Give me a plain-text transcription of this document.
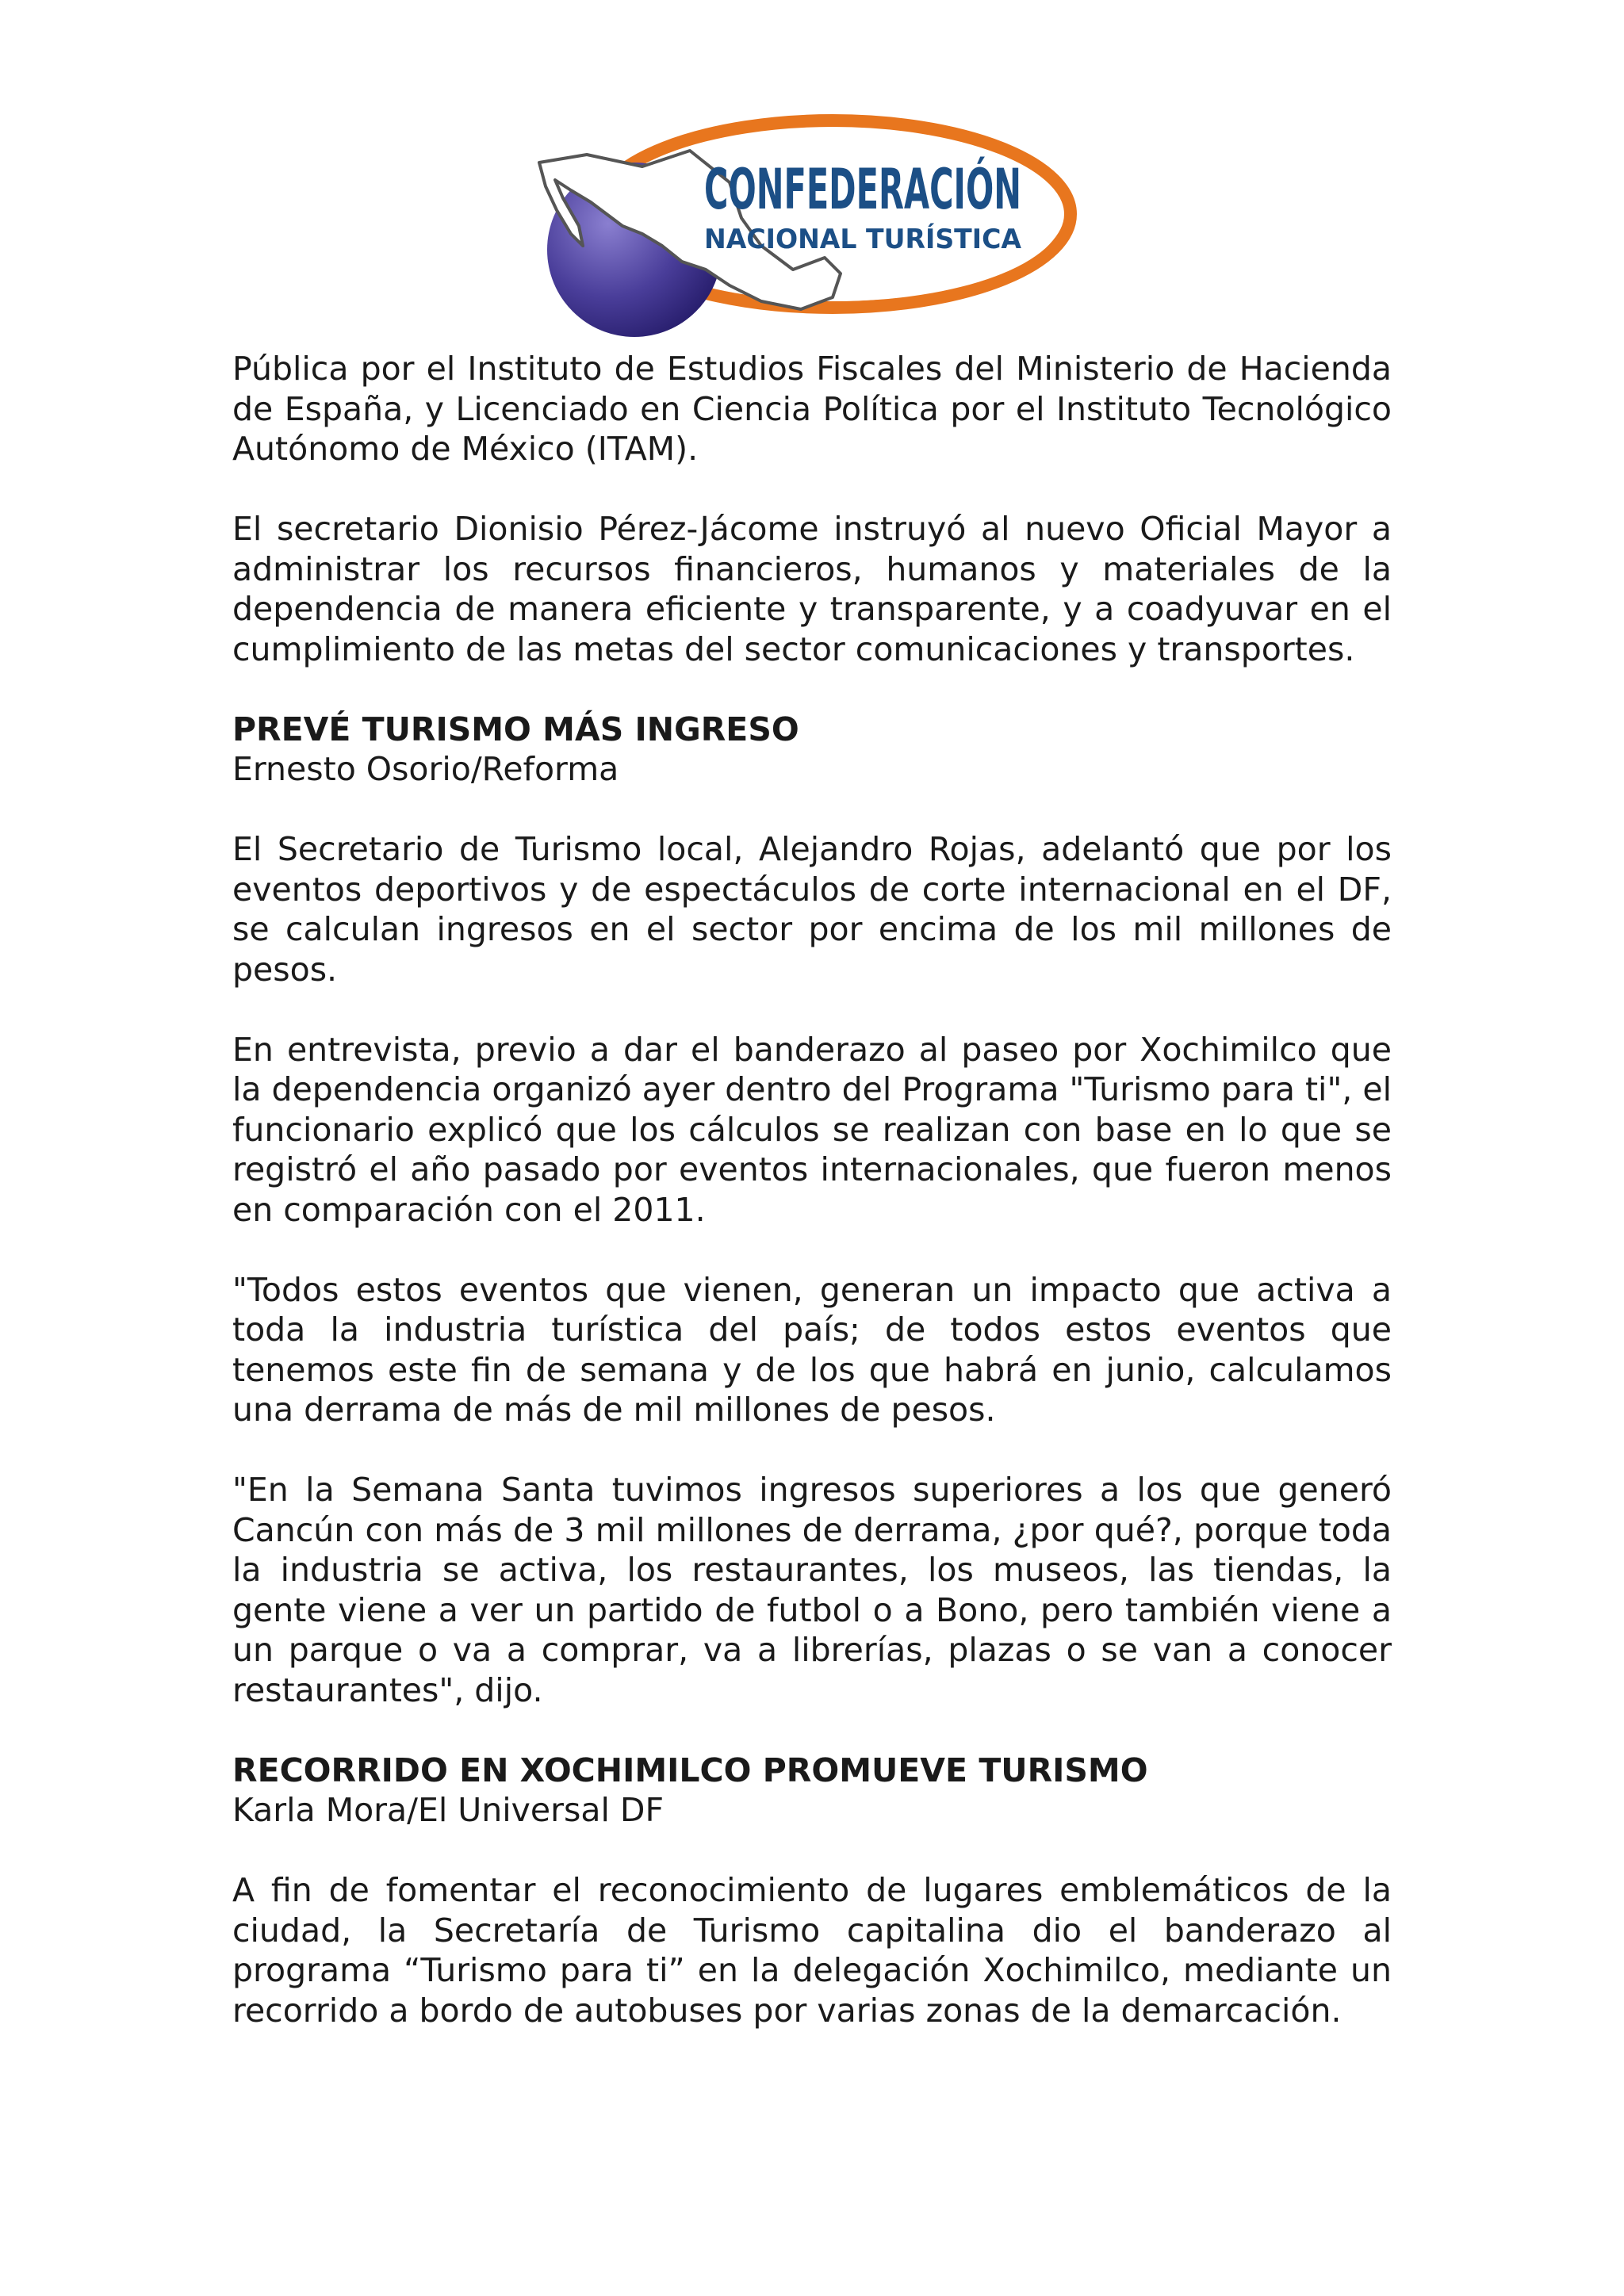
CONFEDERACIÓN
NACIONAL TURÍSTICA

Pública por el Instituto de Estudios Fiscales del Ministerio de Hacienda de España, y Licenciado en Ciencia Política por el Instituto Tecnológico Autónomo de México (ITAM).

El secretario Dionisio Pérez-Jácome instruyó al nuevo Oficial Mayor a administrar los recursos financieros, humanos y materiales de la dependencia de manera eficiente y transparente, y a coadyuvar en el cumplimiento de las metas del sector comunicaciones y transportes.

PREVÉ TURISMO MÁS INGRESO
Ernesto Osorio/Reforma

El Secretario de Turismo local, Alejandro Rojas, adelantó que por los eventos deportivos y de espectáculos de corte internacional en el DF, se calculan ingresos en el sector por encima de los mil millones de pesos.

En entrevista, previo a dar el banderazo al paseo por Xochimilco que la dependencia organizó ayer dentro del Programa "Turismo para ti", el funcionario explicó que los cálculos se realizan con base en lo que se registró el año pasado por eventos internacionales, que fueron menos en comparación con el 2011.

"Todos estos eventos que vienen, generan un impacto que activa a toda la industria turística del país; de todos estos eventos que tenemos este fin de semana y de los que habrá en junio, calculamos una derrama de más de mil millones de pesos.

"En la Semana Santa tuvimos ingresos superiores a los que generó Cancún con más de 3 mil millones de derrama, ¿por qué?, porque toda la industria se activa, los restaurantes, los museos, las tiendas, la gente viene a ver un partido de futbol o a Bono, pero también viene a un parque o va a comprar, va a librerías, plazas o se van a conocer restaurantes", dijo.

RECORRIDO EN XOCHIMILCO PROMUEVE TURISMO
Karla Mora/El Universal DF

A fin de fomentar el reconocimiento de lugares emblemáticos de la ciudad, la Secretaría de Turismo capitalina dio el banderazo al programa “Turismo para ti” en la delegación Xochimilco, mediante un recorrido a bordo de autobuses por varias zonas de la demarcación.
